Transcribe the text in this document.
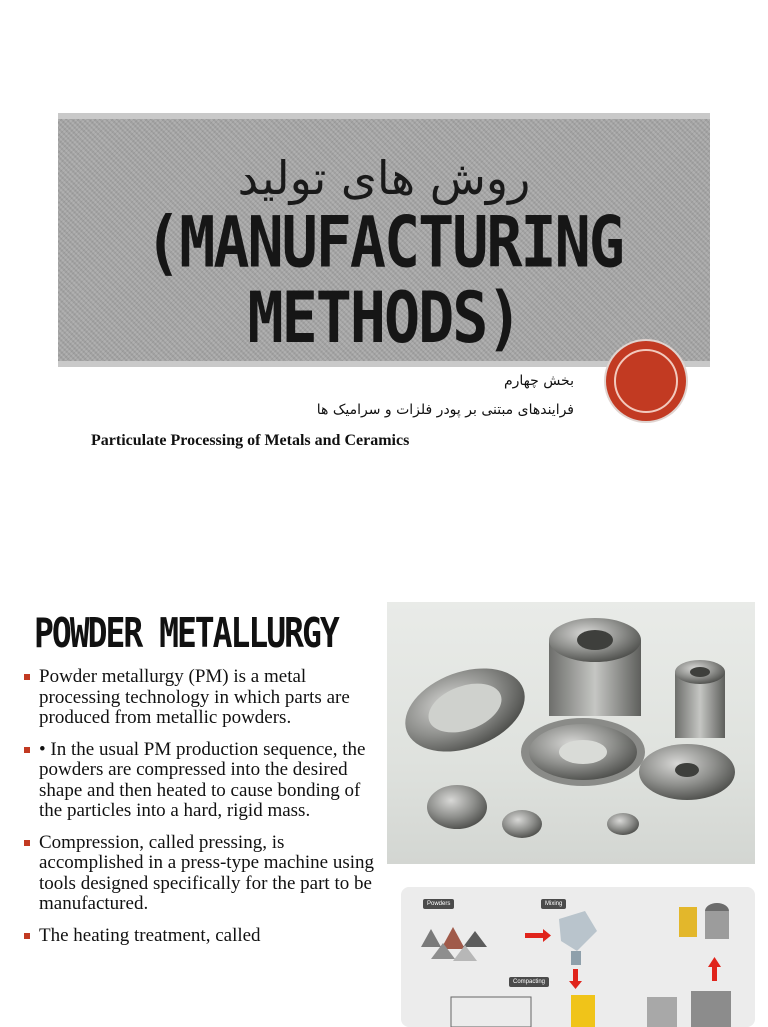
روش های تولید
(MANUFACTURING
METHODS)
بخش چهارم
فرایندهای مبتنی بر پودر فلزات و سرامیک ها
Particulate Processing of Metals and Ceramics
POWDER METALLURGY
Powder metallurgy (PM) is a metal processing technology in which parts are produced from metallic powders.
• In the usual PM production sequence, the powders are compressed into the desired shape and then heated to cause bonding of the particles into a hard, rigid mass.
Compression, called pressing, is accomplished in a press-type machine using tools designed specifically for the part to be manufactured.
The heating treatment, called
Powders	Mixing
Compacting
